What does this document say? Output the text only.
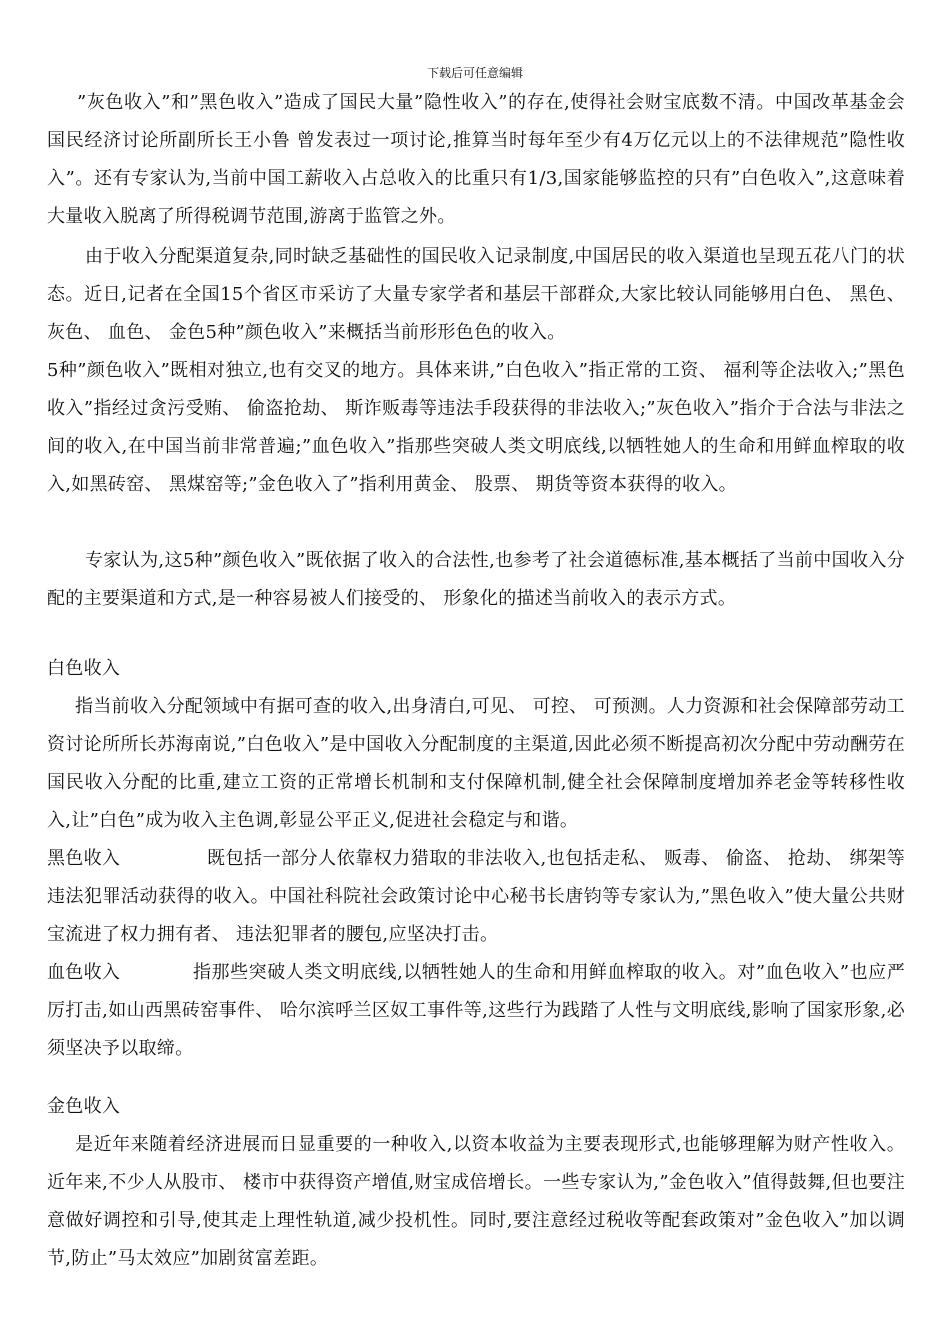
下载后可任意编辑

”灰色收入”和”黑色收入”造成了国民大量”隐性收入”的存在,使得社会财宝底数不清。中国改革基金会国民经济讨论所副所长王小鲁 曾发表过一项讨论,推算当时每年至少有4万亿元以上的不法律规范”隐性收入”。还有专家认为,当前中国工薪收入占总收入的比重只有1/3,国家能够监控的只有”白色收入”,这意味着大量收入脱离了所得税调节范围,游离于监管之外。

由于收入分配渠道复杂,同时缺乏基础性的国民收入记录制度,中国居民的收入渠道也呈现五花八门的状态。近日,记者在全国15个省区市采访了大量专家学者和基层干部群众,大家比较认同能够用白色、 黑色、 灰色、 血色、 金色5种”颜色收入”来概括当前形形色色的收入。

5种”颜色收入”既相对独立,也有交叉的地方。具体来讲,”白色收入”指正常的工资、 福利等企法收入;”黑色收入”指经过贪污受贿、 偷盗抢劫、 斯诈贩毒等违法手段获得的非法收入;”灰色收入”指介于合法与非法之间的收入,在中国当前非常普遍;”血色收入”指那些突破人类文明底线,以牺牲她人的生命和用鲜血榨取的收入,如黑砖窑、 黑煤窑等;”金色收入了”指利用黄金、 股票、 期货等资本获得的收入。

专家认为,这5种”颜色收入”既依据了收入的合法性,也参考了社会道德标准,基本概括了当前中国收入分配的主要渠道和方式,是一种容易被人们接受的、 形象化的描述当前收入的表示方式。

白色收入

指当前收入分配领域中有据可查的收入,出身清白,可见、 可控、 可预测。人力资源和社会保障部劳动工资讨论所所长苏海南说,”白色收入”是中国收入分配制度的主渠道,因此必须不断提高初次分配中劳动酬劳在国民收入分配的比重,建立工资的正常增长机制和支付保障机制,健全社会保障制度增加养老金等转移性收入,让”白色”成为收入主色调,彰显公平正义,促进社会稳定与和谐。

既包括一部分人依靠权力猎取的非法收入,也包括走私、 贩毒、 偷盗、 抢劫、 绑架等违法犯罪活动获得的收入。中国社科院社会政策讨论中心秘书长唐钧等专家认为,”黑色收入”使大量公共财宝流进了权力拥有者、 违法犯罪者的腰包,应坚决打击。

黑色收入

指那些突破人类文明底线,以牺牲她人的生命和用鲜血榨取的收入。对”血色收入”也应严厉打击,如山西黑砖窑事件、 哈尔滨呼兰区奴工事件等,这些行为践踏了人性与文明底线,影响了国家形象,必须坚决予以取缔。

血色收入

金色收入

是近年来随着经济进展而日显重要的一种收入,以资本收益为主要表现形式,也能够理解为财产性收入。近年来,不少人从股市、 楼市中获得资产增值,财宝成倍增长。一些专家认为,”金色收入”值得鼓舞,但也要注意做好调控和引导,使其走上理性轨道,减少投机性。同时,要注意经过税收等配套政策对”金色收入”加以调节,防止”马太效应”加剧贫富差距。
